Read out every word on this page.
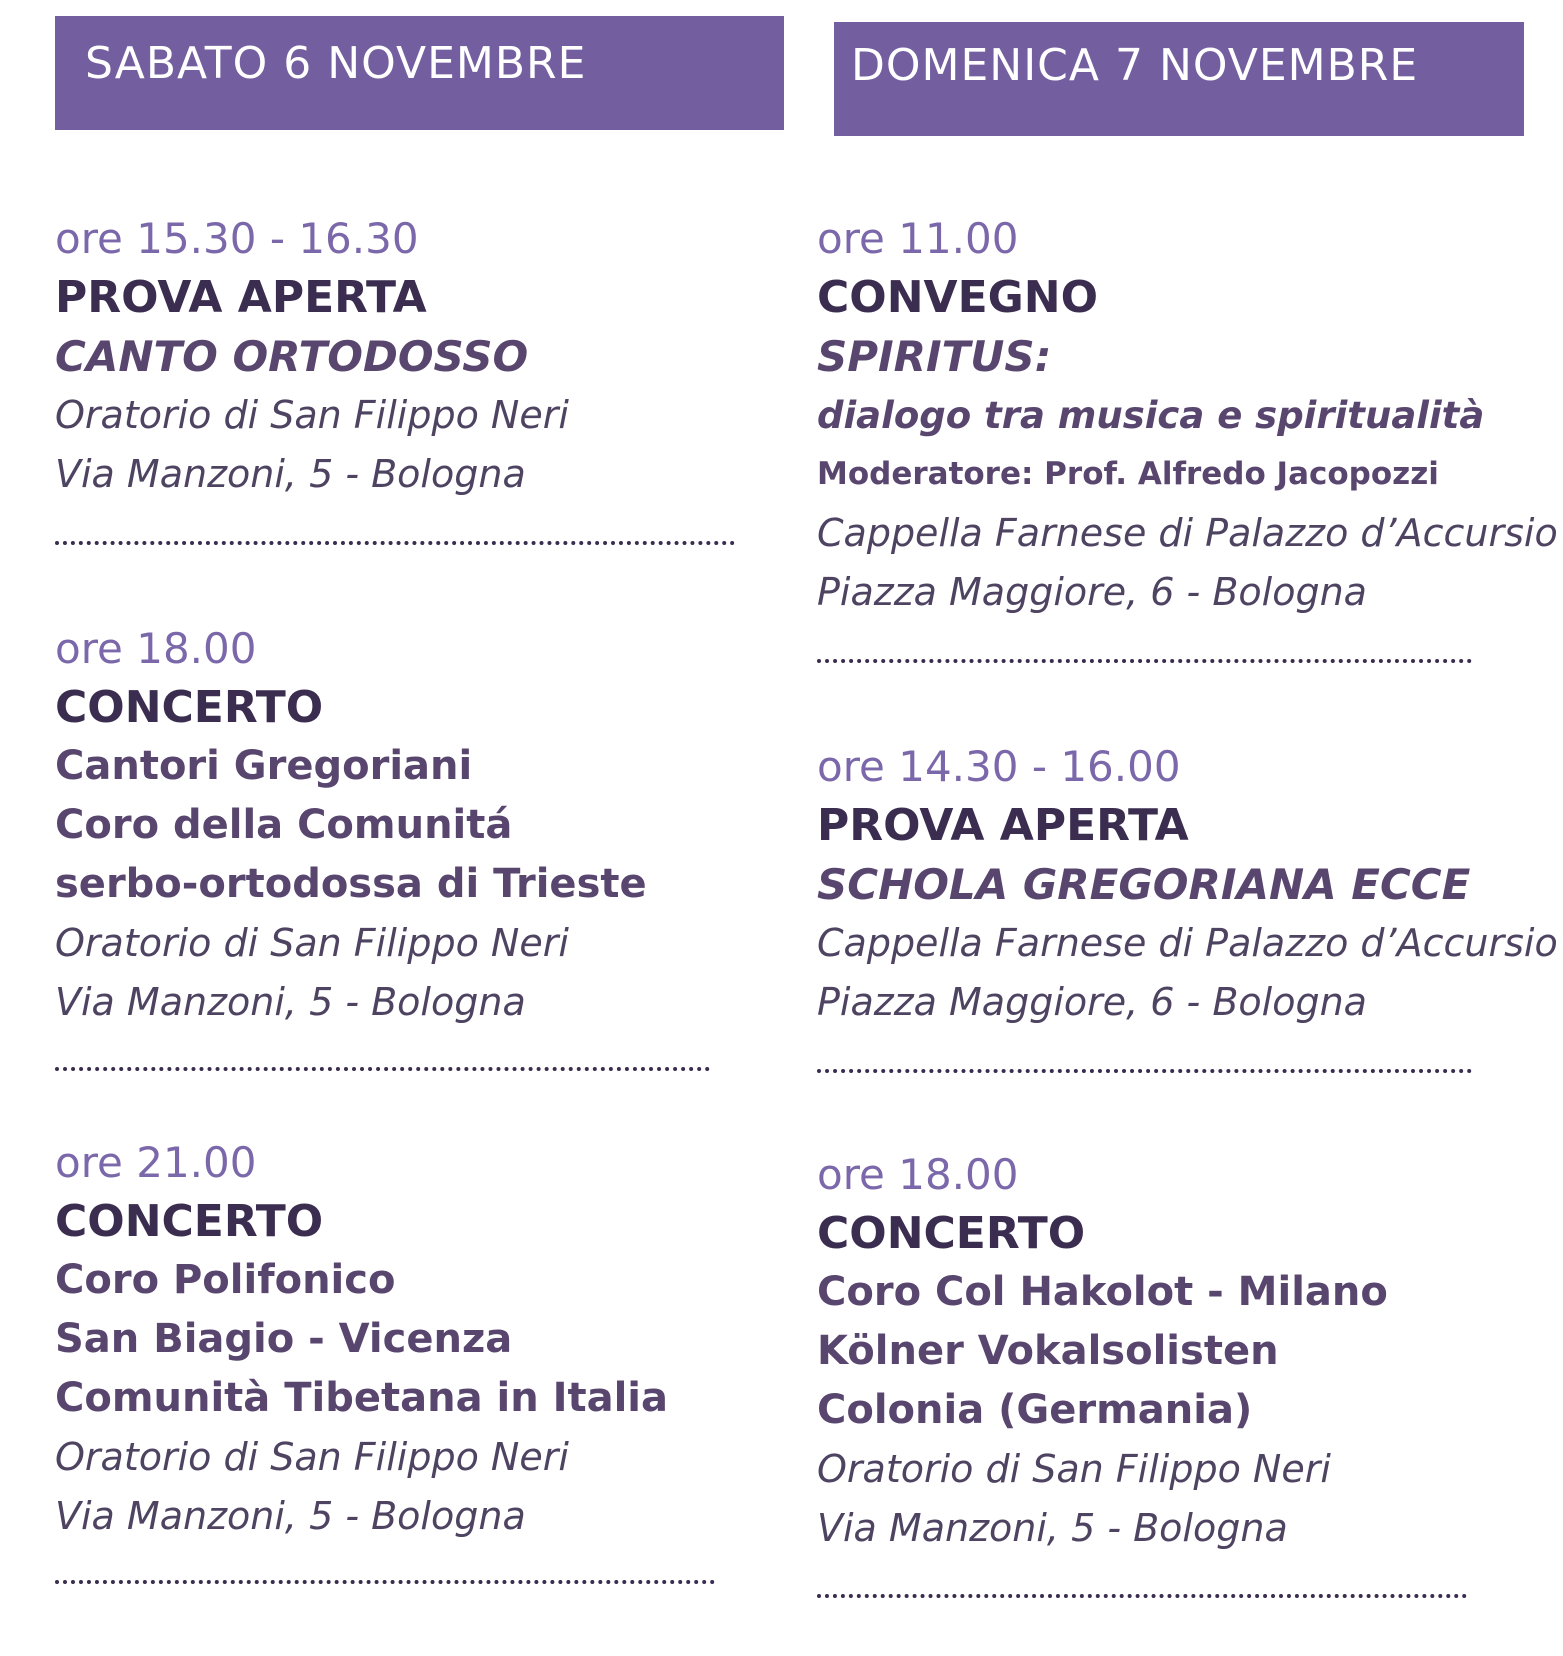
SABATO 6 NOVEMBRE	DOMENICA 7 NOVEMBRE
ore 15.30 - 16.30
PROVA APERTA
CANTO ORTODOSSO
Oratorio di San Filippo Neri
Via Manzoni, 5 - Bologna
ore 18.00
CONCERTO
Cantori Gregoriani
Coro della Comunitá
serbo-ortodossa di Trieste
Oratorio di San Filippo Neri
Via Manzoni, 5 - Bologna
ore 21.00
CONCERTO
Coro Polifonico
San Biagio - Vicenza
Comunità Tibetana in Italia
Oratorio di San Filippo Neri
Via Manzoni, 5 - Bologna
ore 11.00
CONVEGNO
SPIRITUS:
dialogo tra musica e spiritualità
Moderatore: Prof. Alfredo Jacopozzi
Cappella Farnese di Palazzo d’Accursio
Piazza Maggiore, 6 - Bologna
ore 14.30 - 16.00
PROVA APERTA
SCHOLA GREGORIANA ECCE
Cappella Farnese di Palazzo d’Accursio
Piazza Maggiore, 6 - Bologna
ore 18.00
CONCERTO
Coro Col Hakolot - Milano
Kölner Vokalsolisten
Colonia (Germania)
Oratorio di San Filippo Neri
Via Manzoni, 5 - Bologna
